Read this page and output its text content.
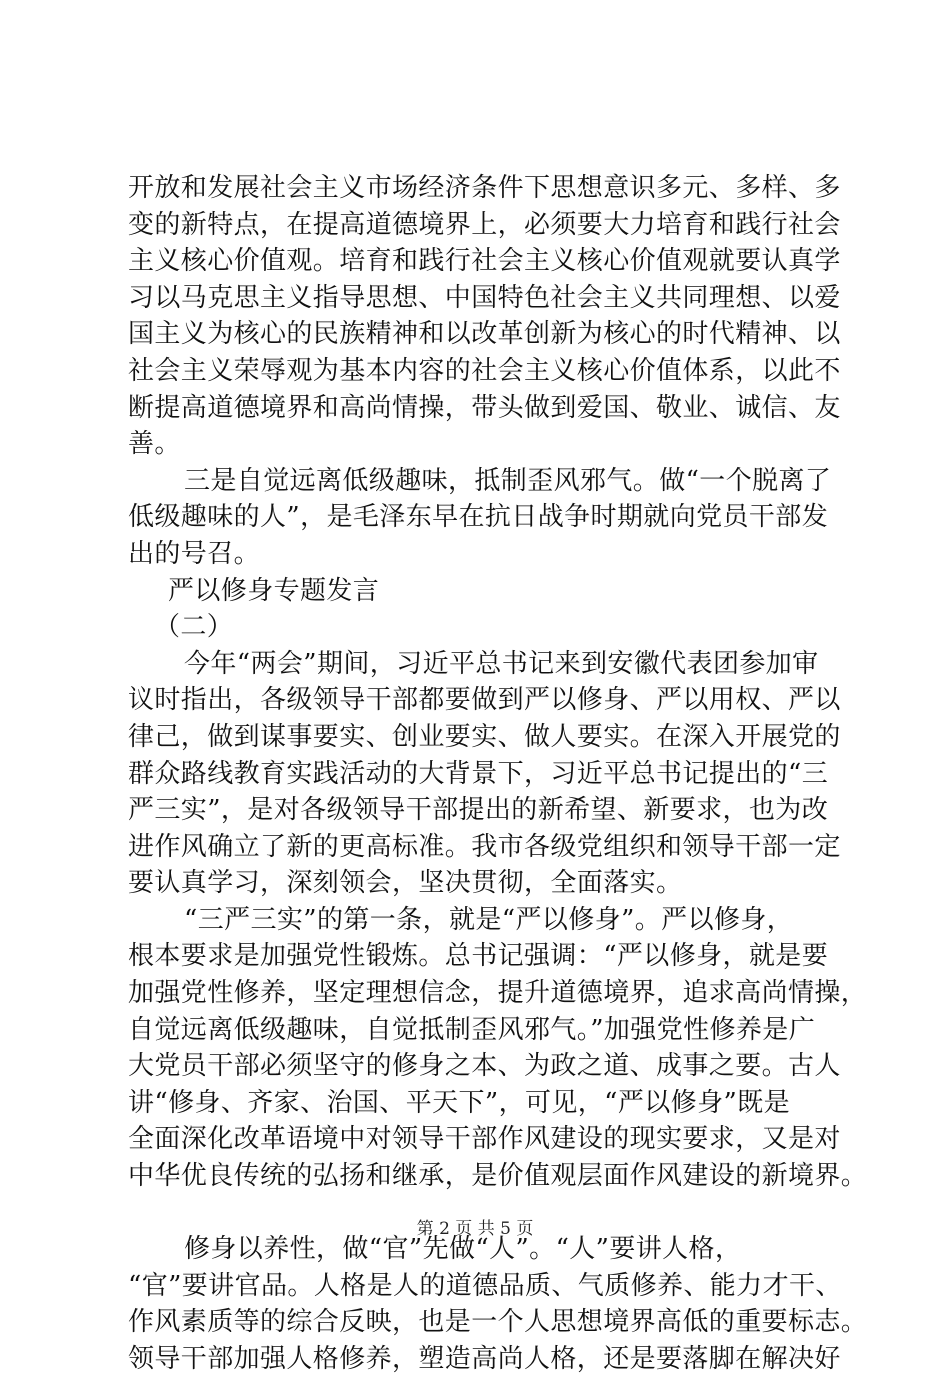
开放和发展社会主义市场经济条件下思想意识多元、多样、多
变的新特点，在提高道德境界上，必须要大力培育和践行社会
主义核心价值观。培育和践行社会主义核心价值观就要认真学
习以马克思主义指导思想、中国特色社会主义共同理想、以爱
国主义为核心的民族精神和以改革创新为核心的时代精神、以
社会主义荣辱观为基本内容的社会主义核心价值体系，以此不
断提高道德境界和高尚情操，带头做到爱国、敬业、诚信、友
善。
三是自觉远离低级趣味，抵制歪风邪气。做“一个脱离了
低级趣味的人”，是毛泽东早在抗日战争时期就向党员干部发
出的号召。
严以修身专题发言
（二）
今年“两会”期间，习近平总书记来到安徽代表团参加审
议时指出，各级领导干部都要做到严以修身、严以用权、严以
律己，做到谋事要实、创业要实、做人要实。在深入开展党的
群众路线教育实践活动的大背景下，习近平总书记提出的“三
严三实”，是对各级领导干部提出的新希望、新要求，也为改
进作风确立了新的更高标准。我市各级党组织和领导干部一定
要认真学习，深刻领会，坚决贯彻，全面落实。
“三严三实”的第一条，就是“严以修身”。严以修身，
根本要求是加强党性锻炼。总书记强调：“严以修身，就是要
加强党性修养，坚定理想信念，提升道德境界，追求高尚情操，
自觉远离低级趣味，自觉抵制歪风邪气。”加强党性修养是广
大党员干部必须坚守的修身之本、为政之道、成事之要。古人
讲“修身、齐家、治国、平天下”，可见，“严以修身”既是
全面深化改革语境中对领导干部作风建设的现实要求，又是对
中华优良传统的弘扬和继承，是价值观层面作风建设的新境界。
修身以养性，做“官”先做“人”。“人”要讲人格，
“官”要讲官品。人格是人的道德品质、气质修养、能力才干、
作风素质等的综合反映，也是一个人思想境界高低的重要标志。
领导干部加强人格修养，塑造高尚人格，还是要落脚在解决好
第 2 页 共 5 页
